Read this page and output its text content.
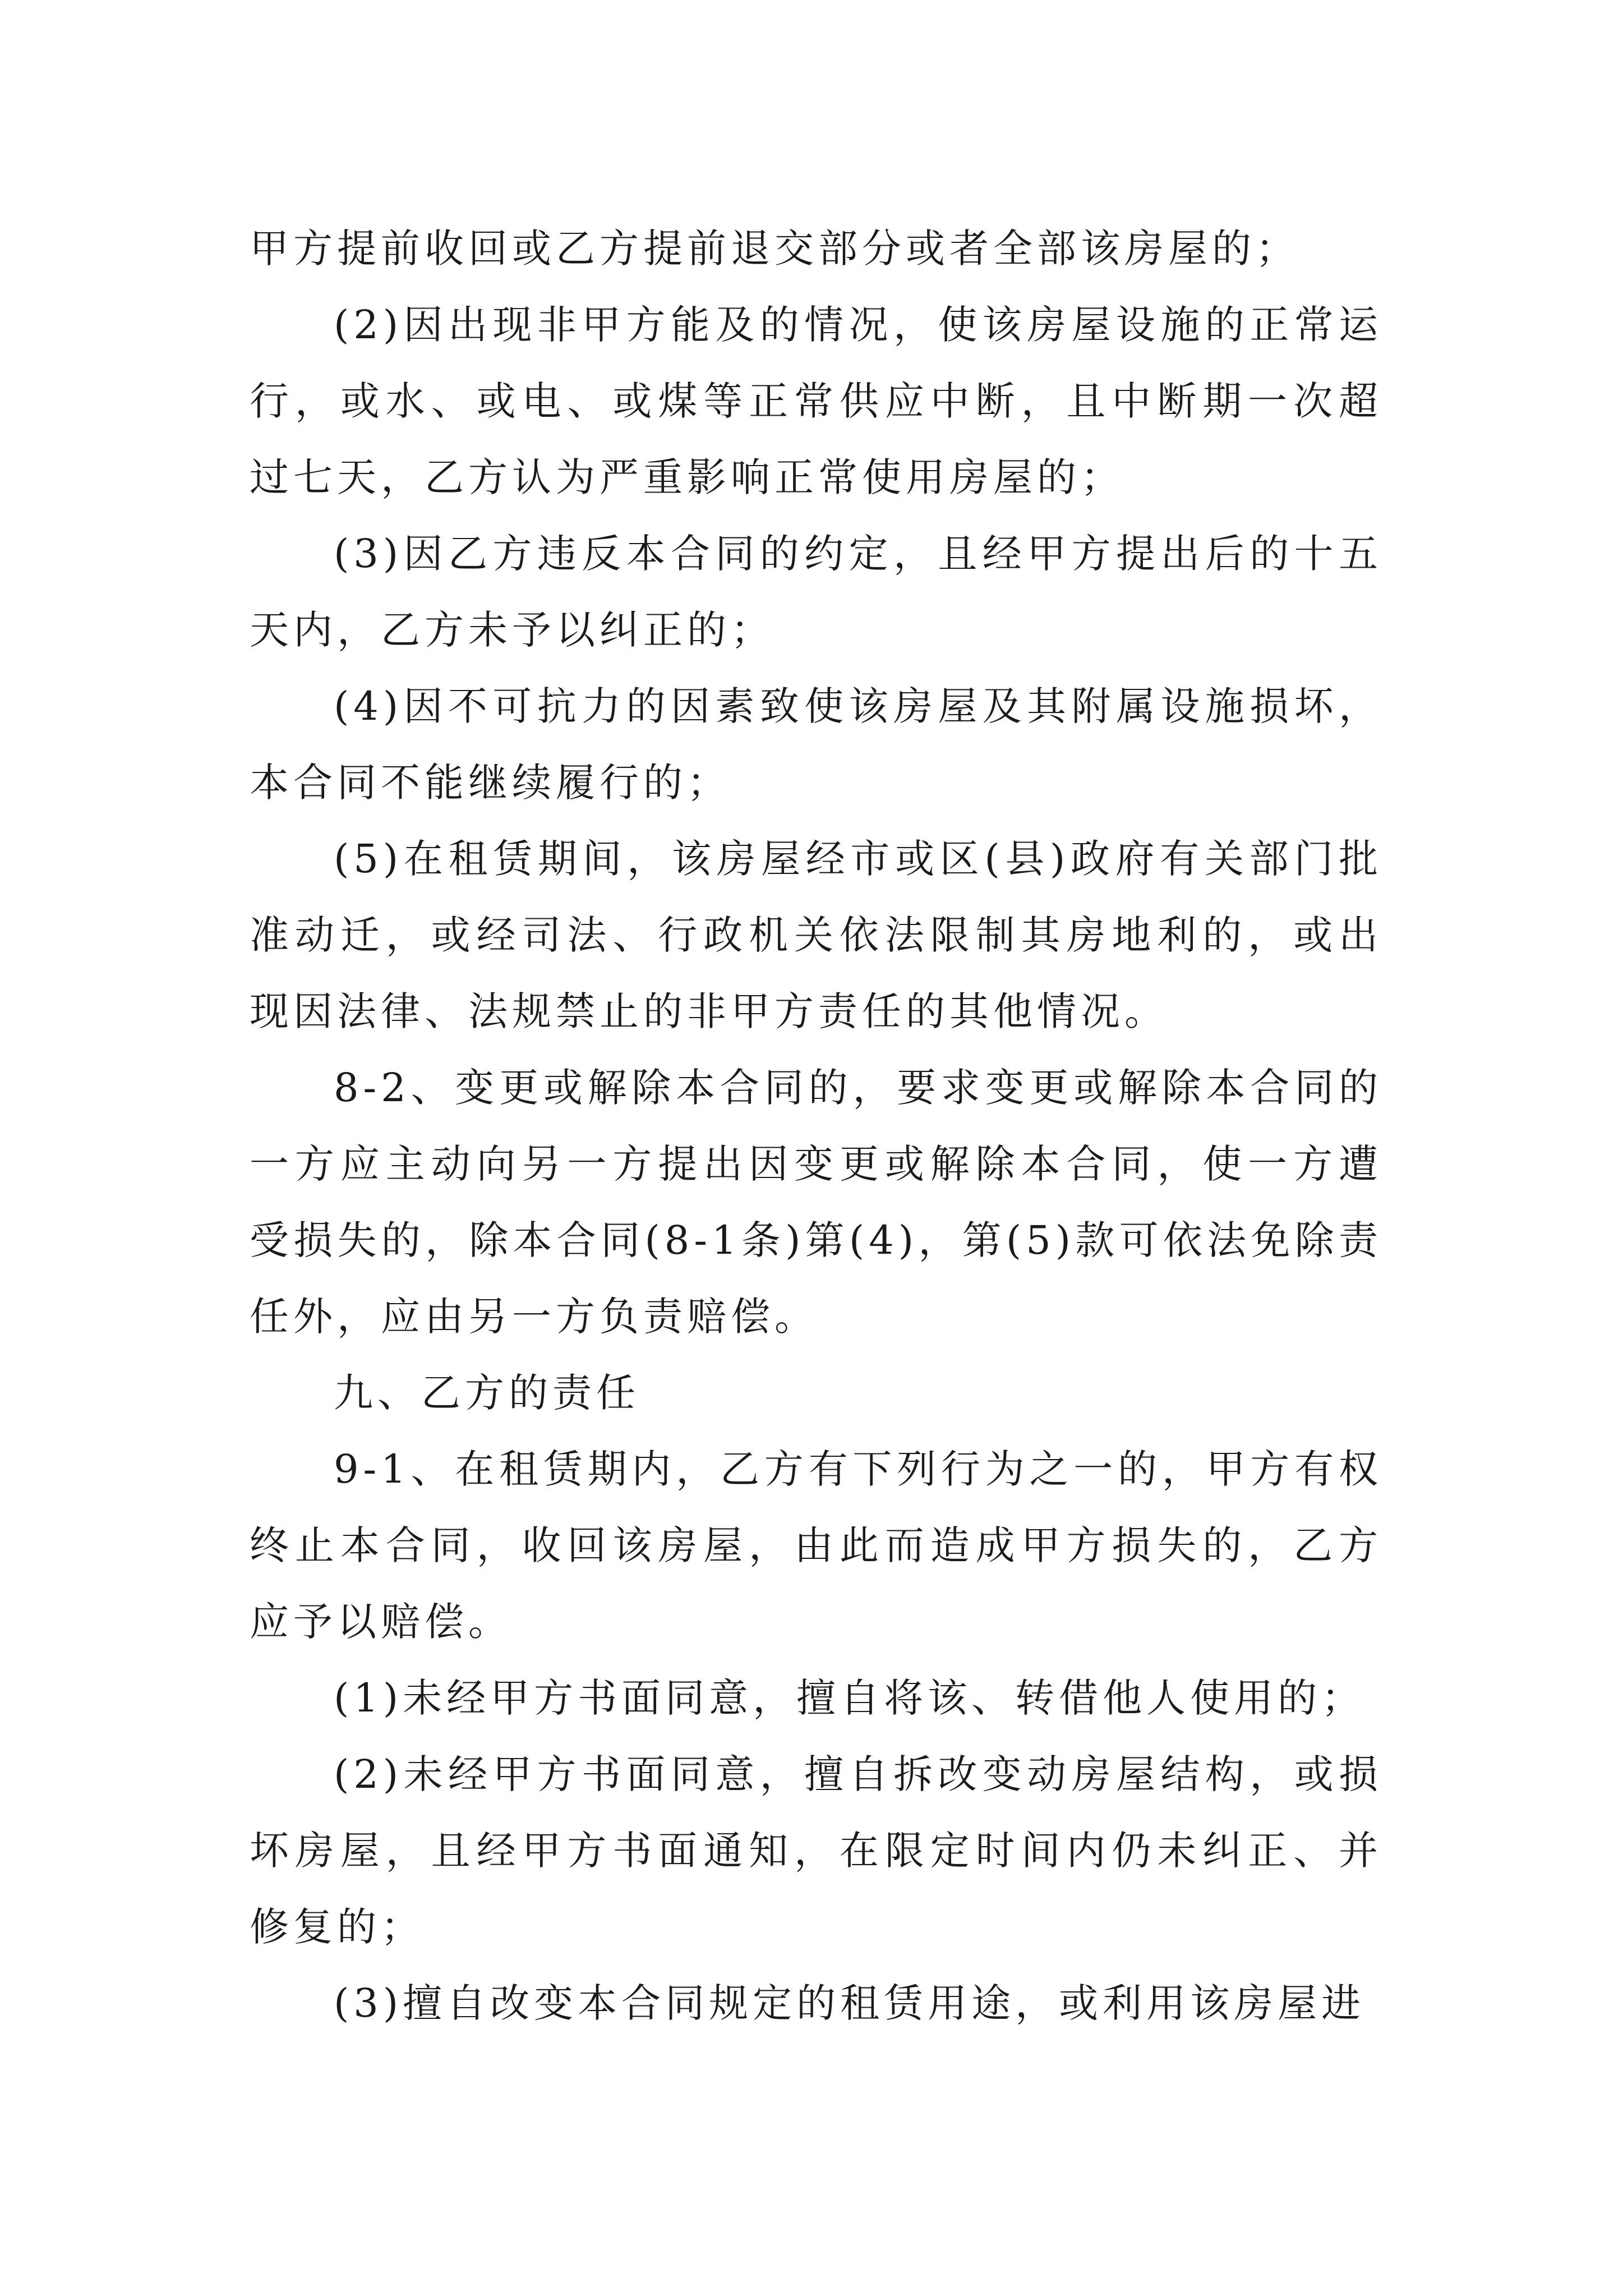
甲方提前收回或乙方提前退交部分或者全部该房屋的；

(2)因出现非甲方能及的情况，使该房屋设施的正常运行，或水、或电、或煤等正常供应中断，且中断期一次超过七天，乙方认为严重影响正常使用房屋的；

(3)因乙方违反本合同的约定，且经甲方提出后的十五天内，乙方未予以纠正的；

(4)因不可抗力的因素致使该房屋及其附属设施损坏，本合同不能继续履行的；

(5)在租赁期间，该房屋经市或区(县)政府有关部门批准动迁，或经司法、行政机关依法限制其房地利的，或出现因法律、法规禁止的非甲方责任的其他情况。

8-2、变更或解除本合同的，要求变更或解除本合同的一方应主动向另一方提出因变更或解除本合同，使一方遭受损失的，除本合同(8-1条)第(4)，第(5)款可依法免除责任外，应由另一方负责赔偿。

九、乙方的责任

9-1、在租赁期内，乙方有下列行为之一的，甲方有权终止本合同，收回该房屋，由此而造成甲方损失的，乙方应予以赔偿。

(1)未经甲方书面同意，擅自将该、转借他人使用的；

(2)未经甲方书面同意，擅自拆改变动房屋结构，或损坏房屋，且经甲方书面通知，在限定时间内仍未纠正、并修复的；

(3)擅自改变本合同规定的租赁用途，或利用该房屋进
